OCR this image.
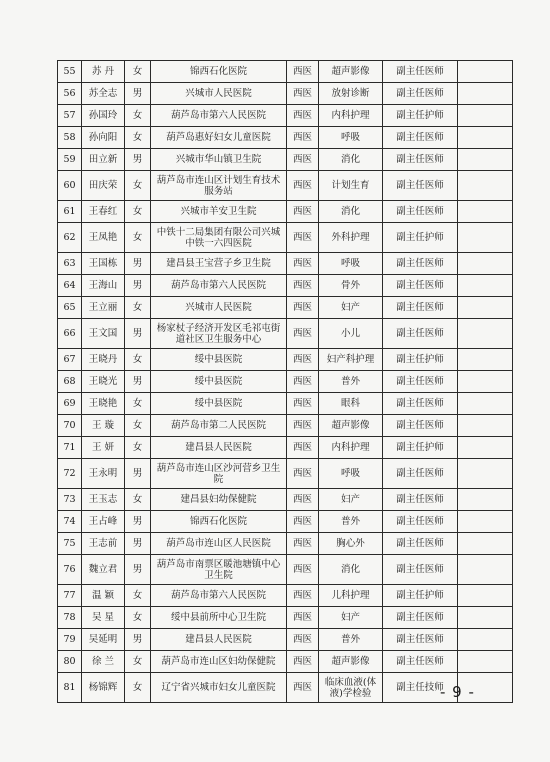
55	苏 丹	女	锦西石化医院	西医	超声影像	副主任医师	
56	苏全志	男	兴城市人民医院	西医	放射诊断	副主任医师	
57	孙国玲	女	葫芦岛市第六人民医院	西医	内科护理	副主任护师	
58	孙向阳	女	葫芦岛惠好妇女儿童医院	西医	呼吸	副主任医师	
59	田立新	男	兴城市华山镇卫生院	西医	消化	副主任医师	
60	田庆荣	女	葫芦岛市连山区计划生育技术服务站	西医	计划生育	副主任医师	
61	王春红	女	兴城市羊安卫生院	西医	消化	副主任医师	
62	王凤艳	女	中铁十二局集团有限公司兴城中铁一六四医院	西医	外科护理	副主任护师	
63	王国栋	男	建昌县王宝营子乡卫生院	西医	呼吸	副主任医师	
64	王海山	男	葫芦岛市第六人民医院	西医	骨外	副主任医师	
65	王立丽	女	兴城市人民医院	西医	妇产	副主任医师	
66	王文国	男	杨家杖子经济开发区毛祁屯街道社区卫生服务中心	西医	小儿	副主任医师	
67	王晓丹	女	绥中县医院	西医	妇产科护理	副主任护师	
68	王晓光	男	绥中县医院	西医	普外	副主任医师	
69	王晓艳	女	绥中县医院	西医	眼科	副主任医师	
70	王 璇	女	葫芦岛市第二人民医院	西医	超声影像	副主任医师	
71	王 妍	女	建昌县人民医院	西医	内科护理	副主任护师	
72	王永明	男	葫芦岛市连山区沙河营乡卫生院	西医	呼吸	副主任医师	
73	王玉志	女	建昌县妇幼保健院	西医	妇产	副主任医师	
74	王占峰	男	锦西石化医院	西医	普外	副主任医师	
75	王志前	男	葫芦岛市连山区人民医院	西医	胸心外	副主任医师	
76	魏立君	男	葫芦岛市南票区暖池塘镇中心卫生院	西医	消化	副主任医师	
77	温 颖	女	葫芦岛市第六人民医院	西医	儿科护理	副主任护师	
78	吴 星	女	绥中县前所中心卫生院	西医	妇产	副主任医师	
79	吴延明	男	建昌县人民医院	西医	普外	副主任医师	
80	徐 兰	女	葫芦岛市连山区妇幼保健院	西医	超声影像	副主任医师	
81	杨锦辉	女	辽宁省兴城市妇女儿童医院	西医	临床血液(体液)学检验	副主任技师	
- 9 -
